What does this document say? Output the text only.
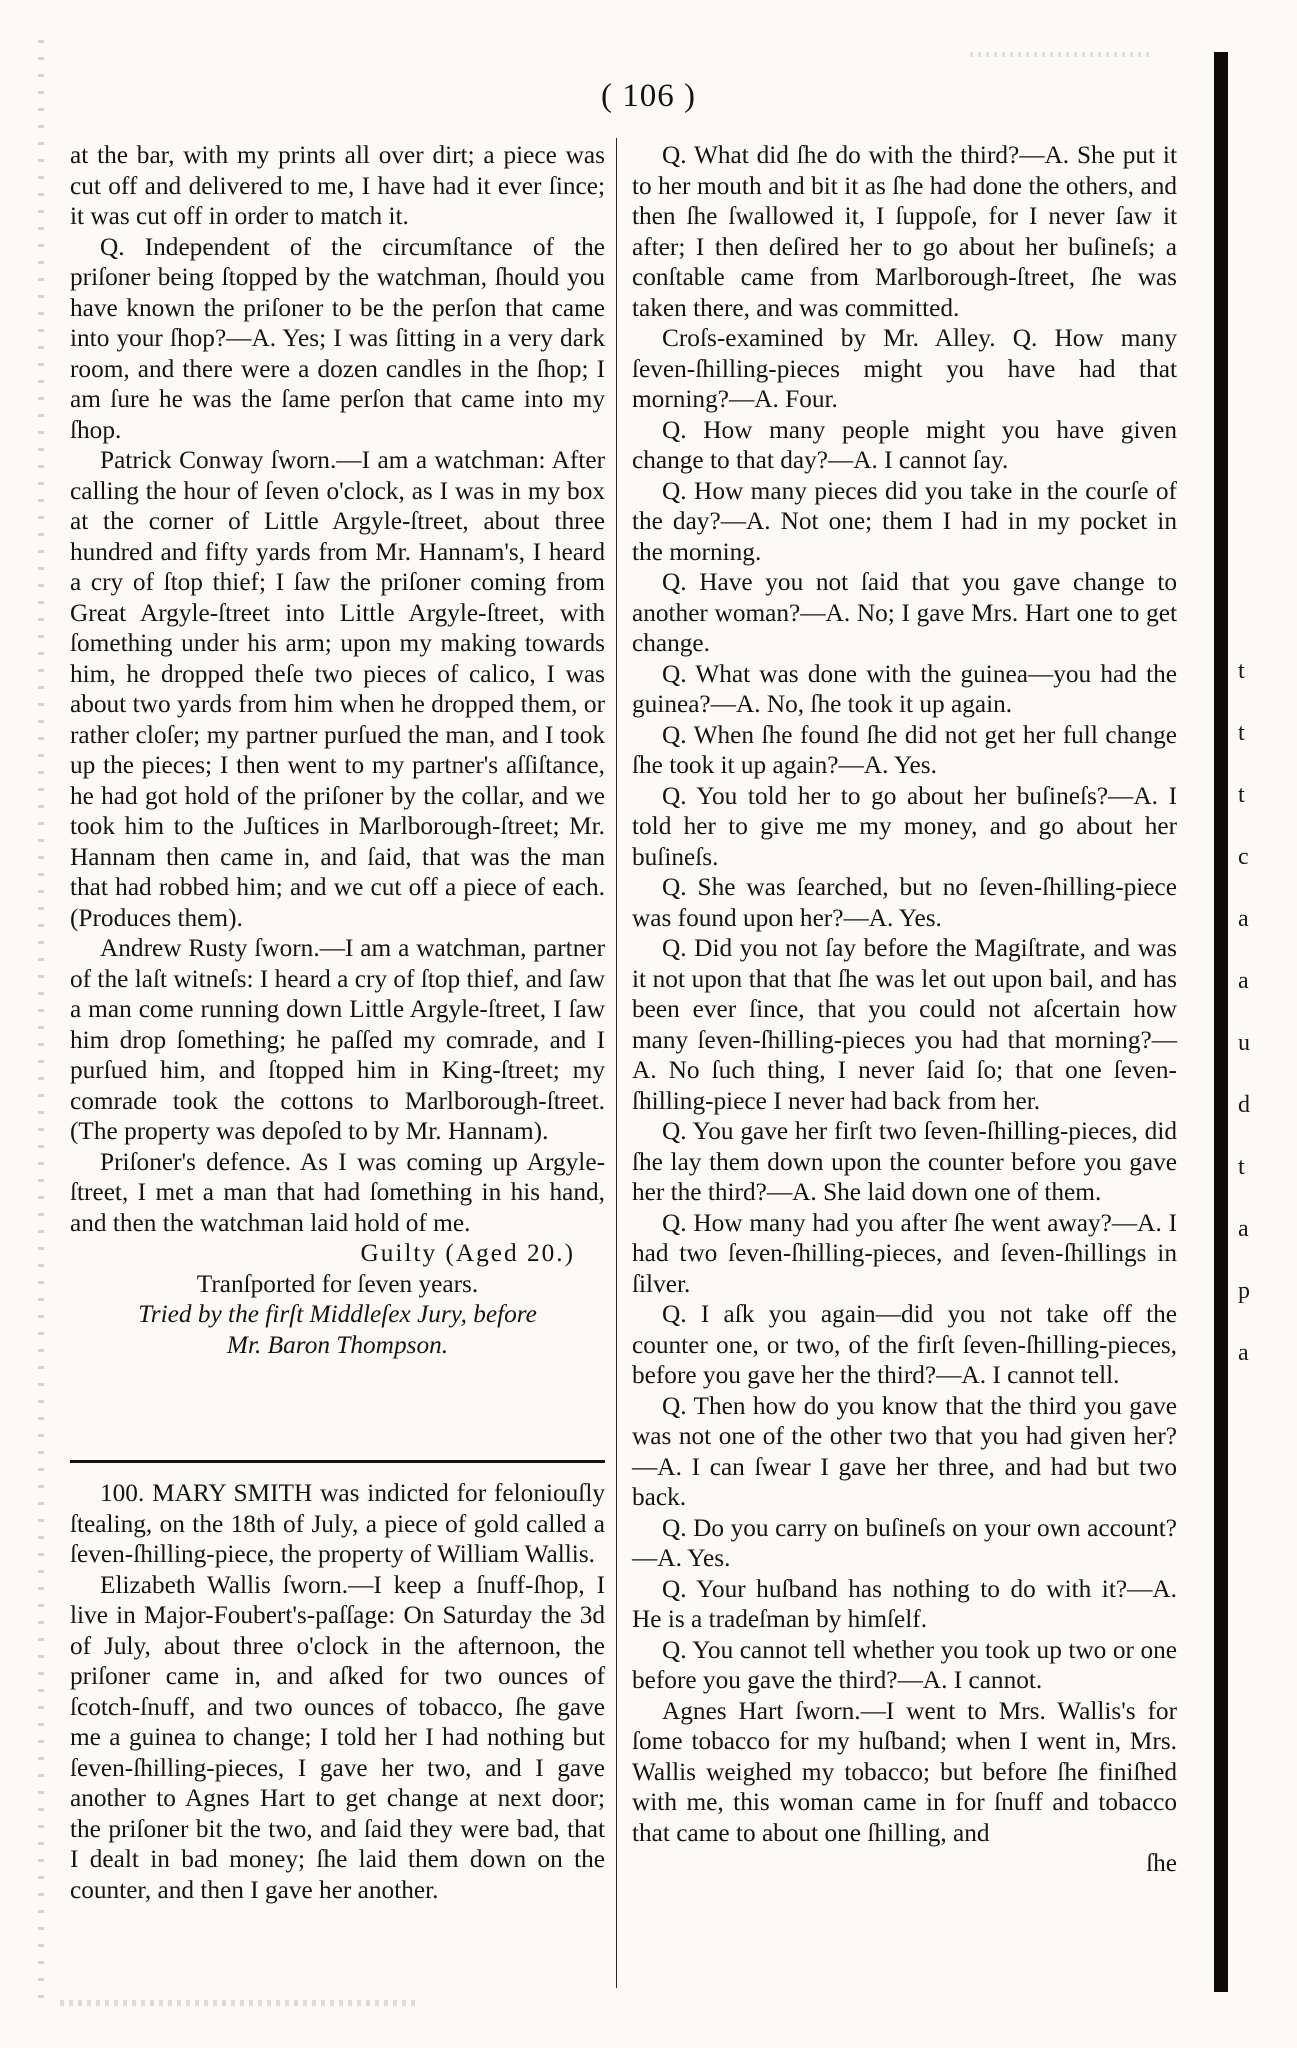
( 106 )

at the bar, with my prints all over dirt; a piece was cut off and delivered to me, I have had it ever ſince; it was cut off in order to match it.

Q. Independent of the circumſtance of the priſoner being ſtopped by the watchman, ſhould you have known the priſoner to be the perſon that came into your ſhop?—A. Yes; I was ſitting in a very dark room, and there were a dozen candles in the ſhop; I am ſure he was the ſame perſon that came into my ſhop.

Patrick Conway ſworn.—I am a watchman: After calling the hour of ſeven o'clock, as I was in my box at the corner of Little Argyle-ſtreet, about three hundred and fifty yards from Mr. Hannam's, I heard a cry of ſtop thief; I ſaw the priſoner coming from Great Argyle-ſtreet into Little Argyle-ſtreet, with ſomething under his arm; upon my making towards him, he dropped theſe two pieces of calico, I was about two yards from him when he dropped them, or rather cloſer; my partner purſued the man, and I took up the pieces; I then went to my partner's aſſiſtance, he had got hold of the priſoner by the collar, and we took him to the Juſtices in Marlborough-ſtreet; Mr. Hannam then came in, and ſaid, that was the man that had robbed him; and we cut off a piece of each. (Produces them).

Andrew Rusty ſworn.—I am a watchman, partner of the laſt witneſs: I heard a cry of ſtop thief, and ſaw a man come running down Little Argyle-ſtreet, I ſaw him drop ſomething; he paſſed my comrade, and I purſued him, and ſtopped him in King-ſtreet; my comrade took the cottons to Marlborough-ſtreet. (The property was depoſed to by Mr. Hannam).

Priſoner's defence. As I was coming up Argyle-ſtreet, I met a man that had ſomething in his hand, and then the watchman laid hold of me.

Guilty (Aged 20.)

Tranſported for ſeven years.

Tried by the firſt Middleſex Jury, before

Mr. Baron Thompson.

100. MARY SMITH was indicted for feloniouſly ſtealing, on the 18th of July, a piece of gold called a ſeven-ſhilling-piece, the property of William Wallis.

Elizabeth Wallis ſworn.—I keep a ſnuff-ſhop, I live in Major-Foubert's-paſſage: On Saturday the 3d of July, about three o'clock in the afternoon, the priſoner came in, and aſked for two ounces of ſcotch-ſnuff, and two ounces of tobacco, ſhe gave me a guinea to change; I told her I had nothing but ſeven-ſhilling-pieces, I gave her two, and I gave another to Agnes Hart to get change at next door; the priſoner bit the two, and ſaid they were bad, that I dealt in bad money; ſhe laid them down on the counter, and then I gave her another.

Q. What did ſhe do with the third?—A. She put it to her mouth and bit it as ſhe had done the others, and then ſhe ſwallowed it, I ſuppoſe, for I never ſaw it after; I then deſired her to go about her buſineſs; a conſtable came from Marlborough-ſtreet, ſhe was taken there, and was committed.

Croſs-examined by Mr. Alley. Q. How many ſeven-ſhilling-pieces might you have had that morning?—A. Four.

Q. How many people might you have given change to that day?—A. I cannot ſay.

Q. How many pieces did you take in the courſe of the day?—A. Not one; them I had in my pocket in the morning.

Q. Have you not ſaid that you gave change to another woman?—A. No; I gave Mrs. Hart one to get change.

Q. What was done with the guinea—you had the guinea?—A. No, ſhe took it up again.

Q. When ſhe found ſhe did not get her full change ſhe took it up again?—A. Yes.

Q. You told her to go about her buſineſs?—A. I told her to give me my money, and go about her buſineſs.

Q. She was ſearched, but no ſeven-ſhilling-piece was found upon her?—A. Yes.

Q. Did you not ſay before the Magiſtrate, and was it not upon that that ſhe was let out upon bail, and has been ever ſince, that you could not aſcertain how many ſeven-ſhilling-pieces you had that morning?—A. No ſuch thing, I never ſaid ſo; that one ſeven-ſhilling-piece I never had back from her.

Q. You gave her firſt two ſeven-ſhilling-pieces, did ſhe lay them down upon the counter before you gave her the third?—A. She laid down one of them.

Q. How many had you after ſhe went away?—A. I had two ſeven-ſhilling-pieces, and ſeven-ſhillings in ſilver.

Q. I aſk you again—did you not take off the counter one, or two, of the firſt ſeven-ſhilling-pieces, before you gave her the third?—A. I cannot tell.

Q. Then how do you know that the third you gave was not one of the other two that you had given her?—A. I can ſwear I gave her three, and had but two back.

Q. Do you carry on buſineſs on your own account?—A. Yes.

Q. Your huſband has nothing to do with it?—A. He is a tradeſman by himſelf.

Q. You cannot tell whether you took up two or one before you gave the third?—A. I cannot.

Agnes Hart ſworn.—I went to Mrs. Wallis's for ſome tobacco for my huſband; when I went in, Mrs. Wallis weighed my tobacco; but before ſhe finiſhed with me, this woman came in for ſnuff and tobacco that came to about one ſhilling, and

ſhe

t
t
t
c
a
a
u
d
t
a
p
a
